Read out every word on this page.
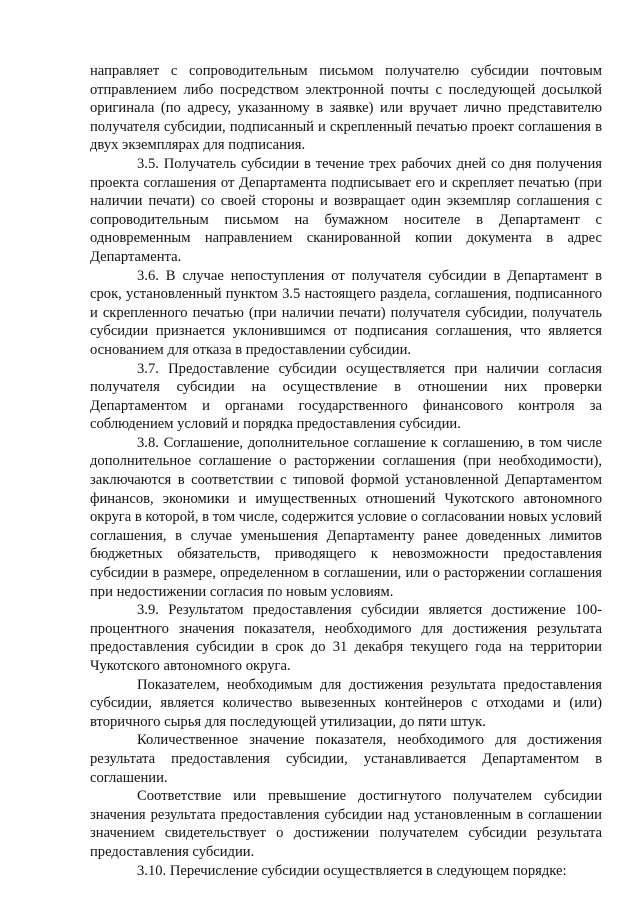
направляет с сопроводительным письмом получателю субсидии почтовым отправлением либо посредством электронной почты с последующей досылкой оригинала (по адресу, указанному в заявке) или вручает лично представителю получателя субсидии, подписанный и скрепленный печатью проект соглашения в двух экземплярах для подписания.

3.5. Получатель субсидии в течение трех рабочих дней со дня получения проекта соглашения от Департамента подписывает его и скрепляет печатью (при наличии печати) со своей стороны и возвращает один экземпляр соглашения с сопроводительным письмом на бумажном носителе в Департамент с одновременным направлением сканированной копии документа в адрес Департамента.

3.6. В случае непоступления от получателя субсидии в Департамент в срок, установленный пунктом 3.5 настоящего раздела, соглашения, подписанного и скрепленного печатью (при наличии печати) получателя субсидии, получатель субсидии признается уклонившимся от подписания соглашения, что является основанием для отказа в предоставлении субсидии.

3.7. Предоставление субсидии осуществляется при наличии согласия получателя субсидии на осуществление в отношении них проверки Департаментом и органами государственного финансового контроля за соблюдением условий и порядка предоставления субсидии.

3.8. Соглашение, дополнительное соглашение к соглашению, в том числе дополнительное соглашение о расторжении соглашения (при необходимости), заключаются в соответствии с типовой формой установленной Департаментом финансов, экономики и имущественных отношений Чукотского автономного округа в которой, в том числе, содержится условие о согласовании новых условий соглашения, в случае уменьшения Департаменту ранее доведенных лимитов бюджетных обязательств, приводящего к невозможности предоставления субсидии в размере, определенном в соглашении, или о расторжении соглашения при недостижении согласия по новым условиям.

3.9. Результатом предоставления субсидии является достижение 100-процентного значения показателя, необходимого для достижения результата предоставления субсидии в срок до 31 декабря текущего года на территории Чукотского автономного округа.

Показателем, необходимым для достижения результата предоставления субсидии, является количество вывезенных контейнеров с отходами и (или) вторичного сырья для последующей утилизации, до пяти штук.

Количественное значение показателя, необходимого для достижения результата предоставления субсидии, устанавливается Департаментом в соглашении.

Соответствие или превышение достигнутого получателем субсидии значения результата предоставления субсидии над установленным в соглашении значением свидетельствует о достижении получателем субсидии результата предоставления субсидии.

3.10. Перечисление субсидии осуществляется в следующем порядке:
